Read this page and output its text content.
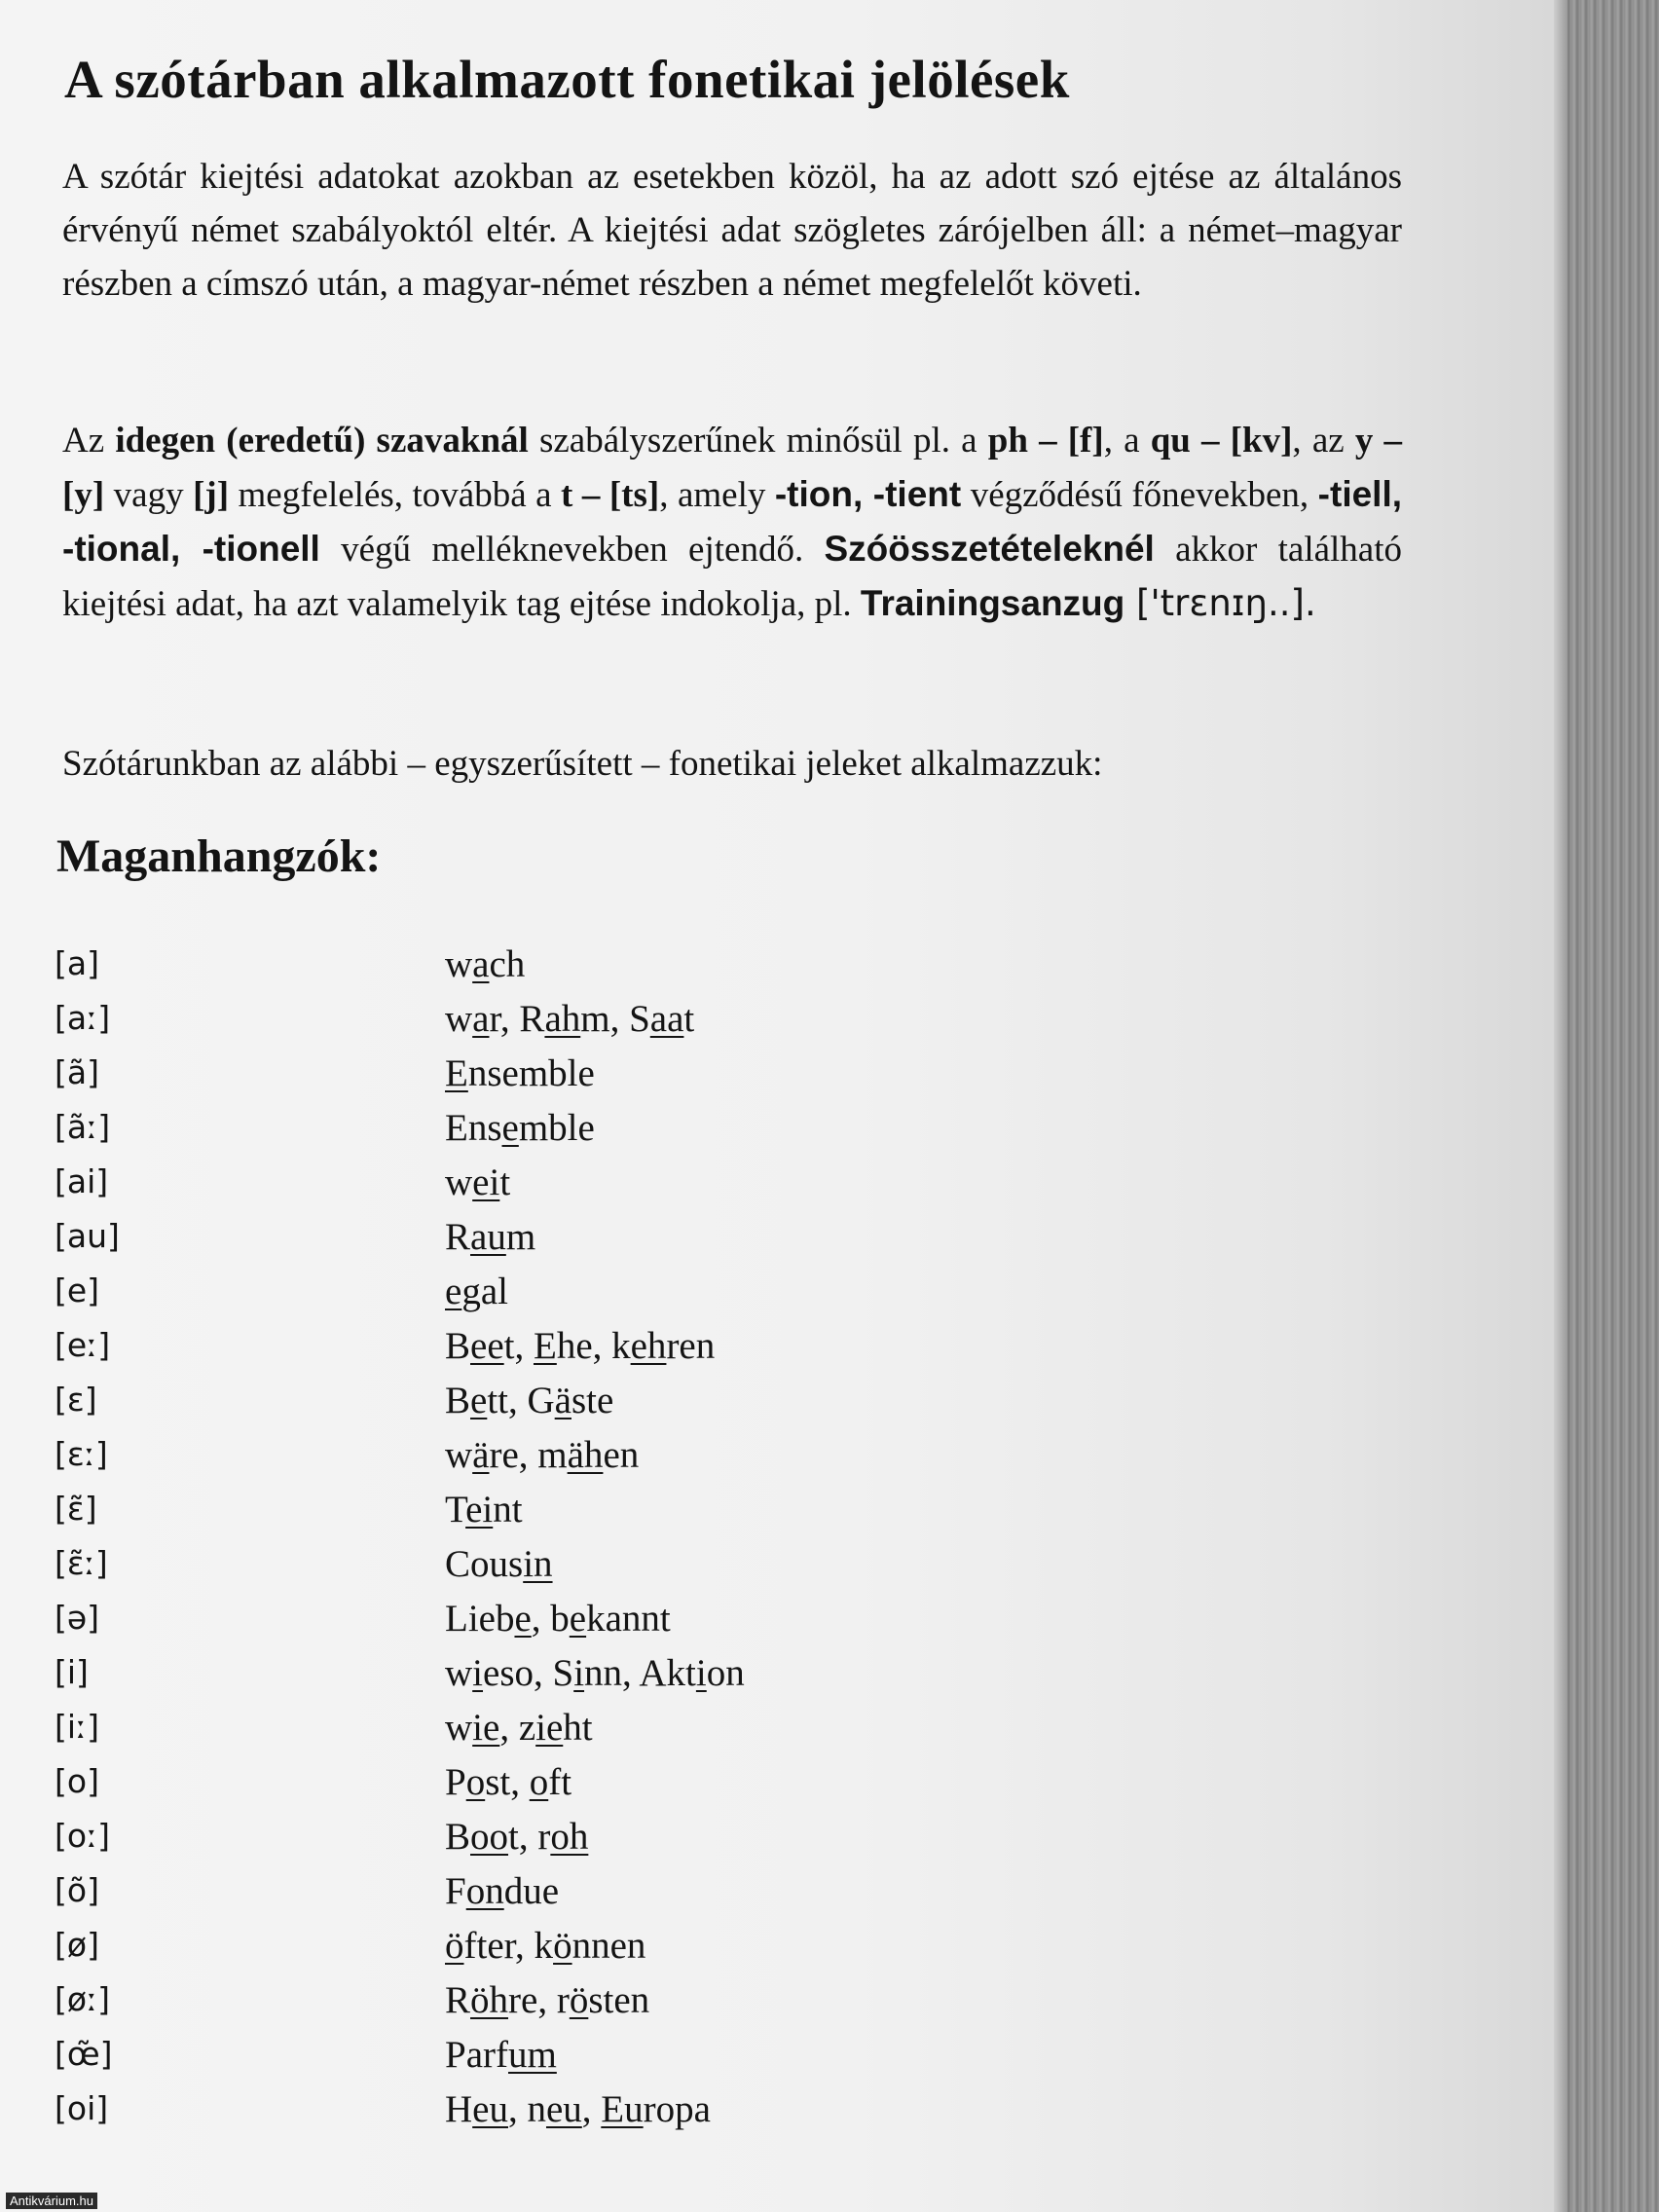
A szótárban alkalmazott fonetikai jelölések

A szótár kiejtési adatokat azokban az esetekben közöl, ha az adott szó ejtése az általános érvényű német szabályoktól eltér. A kiejtési adat szögletes zárójelben áll: a német–magyar részben a címszó után, a magyar-német részben a német megfelelőt követi.

Az idegen (eredetű) szavaknál szabályszerűnek minősül pl. a ph – [f], a qu – [kv], az y – [y] vagy [j] megfelelés, továbbá a t – [ts], amely -tion, -tient végződésű főnevekben, -tiell, -tional, -tionell végű melléknevekben ejtendő. Szóösszetételeknél akkor található kiejtési adat, ha azt valamelyik tag ejtése indokolja, pl. Trainingsanzug ['trɛnɪŋ..].

Szótárunkban az alábbi – egyszerűsített – fonetikai jeleket alkalmazzuk:

Maganhangzók:
[a]	wach
[aː]	war, Rahm, Saat
[ã]	Ensemble
[ãː]	Ensemble
[ai]	weit
[au]	Raum
[e]	egal
[eː]	Beet, Ehe, kehren
[ɛ]	Bett, Gäste
[ɛː]	wäre, mähen
[ɛ̃]	Teint
[ɛ̃ː]	Cousin
[ə]	Liebe, bekannt
[i]	wieso, Sinn, Aktion
[iː]	wie, zieht
[o]	Post, oft
[oː]	Boot, roh
[õ]	Fondue
[ø]	öfter, können
[øː]	Röhre, rösten
[œ̃]	Parfum
[oi]	Heu, neu, Europa
Antikvárium.hu
